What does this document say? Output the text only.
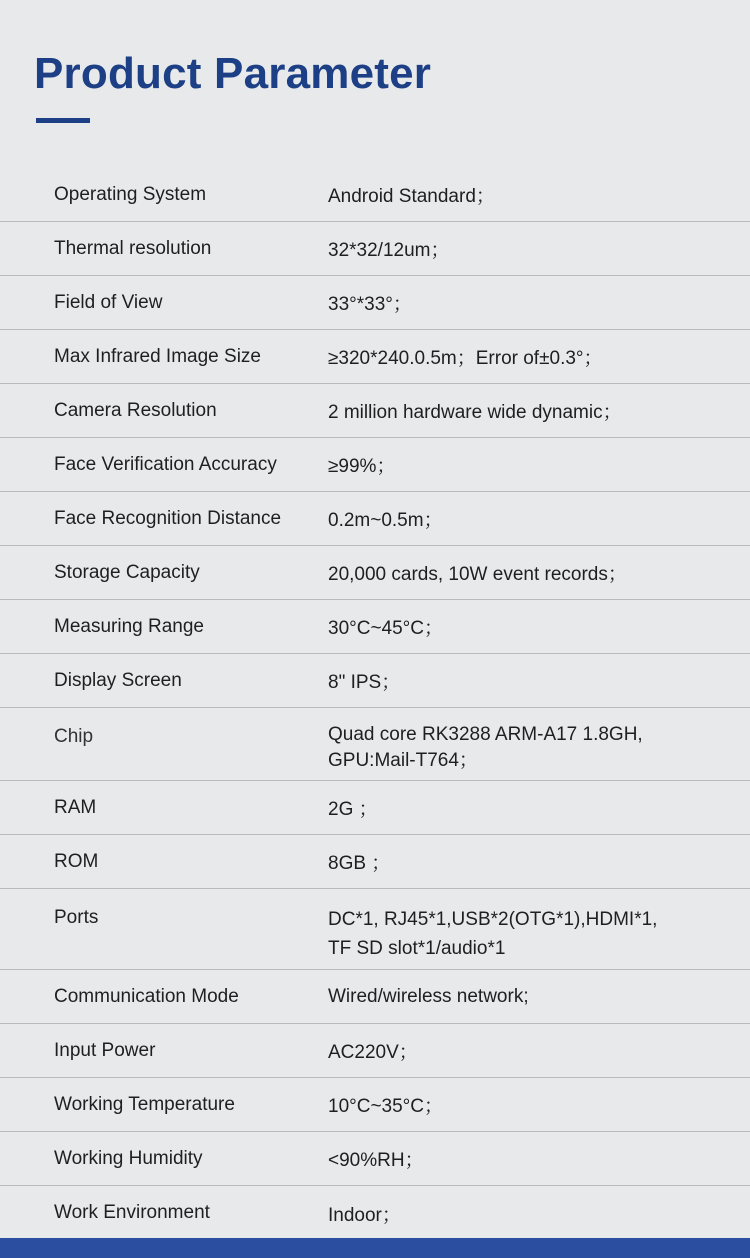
Product Parameter
Operating System	Android Standard；
Thermal resolution	32*32/12um；
Field of View	33°*33°；
Max Infrared Image Size	≥320*240.0.5m；Error of±0.3°；
Camera Resolution	2 million hardware wide dynamic；
Face Verification Accuracy	≥99%；
Face Recognition Distance	0.2m~0.5m；
Storage Capacity	20,000 cards, 10W event records；
Measuring Range	30°C~45°C；
Display Screen	8" IPS；
Chip	Quad core RK3288 ARM-A17 1.8GH,
GPU:Mail-T764；
RAM	2G ；
ROM	8GB ；
Ports	DC*1, RJ45*1,USB*2(OTG*1),HDMI*1,
TF SD slot*1/audio*1
Communication Mode	Wired/wireless network;
Input Power	AC220V；
Working Temperature	10°C~35°C；
Working Humidity	<90%RH；
Work Environment	Indoor；
